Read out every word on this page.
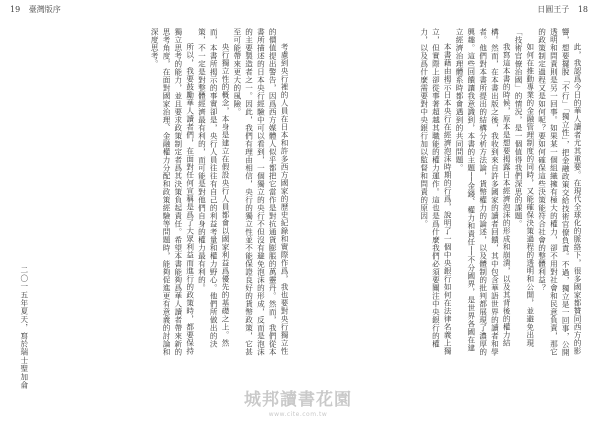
19 臺灣版序	日圓王子 18

此，我認爲今日的華人讀者尤其重要。在現代全球化的脈絡下，很多國家都贊同西方的影響，想要擺脫「不行」「獨立性」，把金融政策交給技術官僚負責。不過，獨立是一回事，公開透明和問責則是另一回事。如果某一個組織擁有極大的權力，卻不用對社會和民意負責，那它的政策制定過程又是如何呢？要如何確保這些決策能符合社會的整體利益？

如何在推動專業的金融管理制度的同時，又能確保決策過程的透明和公開，並避免出現「技術官僚治國」的情況，是一個值得我們深思的課題。

我寫這本書的時候，原本是想要揭露日本經濟泡沫的形成和崩潰，以及其背後的權力結構。然而，在本書出版之後，我收到來自許多國家的讀者回饋，其中包含華語世界的讀者和學者。他們對本書所提出的結構分析方法論，貨幣權力的論述，以及體制的批判都展現了濃厚的興趣。這些回饋讓我意識到，本書的主題──金錢、權力和責任──不分國界，是世界各國在建立經濟治理體系時都會遇到的共同問題。

本書藉由揭示日本央行在經濟泡沫時期的行爲，說明了一個中央銀行如何在法律名義上獨立，但實際上卻從事著超越其職能的權力運作。這也是爲什麼我們必須要關注中央銀行的權力，以及爲什麼需要對中央銀行加以監督和問責的原因。

考慮到央行裡的人員在日本和許多西方國家的歷史紀錄和實際作爲，我也要對央行獨立性的價值提出警告，因爲西方媒體人似乎都把它當作是對抗通貨膨脹的萬靈丹。然而，我們從本書所描述的日本央行經驗中可以看到，一個獨立的央行不但沒有避免泡沫的形成，反而是泡沫的主要製造者之一。因此，我們有理由相信，央行的獨立性並不能保證良好的貨幣政策，它甚至可能帶來更大的風險。

央行獨立性的概念，本身是建立在假設央行人員都會以國家利益爲優先的基礎之上。然而，本書所揭示的事實卻是，央行人員往往有自己的利益考量和權力野心。他們所做出的決策，不一定是對整體經濟最有利的，而可能是對他們自身的權力最有利的。

所以，我要鼓勵華人讀者們，在面對任何宣稱是爲了大眾利益而進行的政策時，都要保持獨立思考的能力，並且要求政策制定者爲其決策負起責任。希望本書能夠爲華人讀者帶來新的思考角度，在面對國家治理、金融權力分配和政策經驗等問題時，能夠促進更有意義的討論和深度思考。

二〇一五年夏天，寫於瑞士聖加侖
城邦讀書花園
www.cite.com.tw
